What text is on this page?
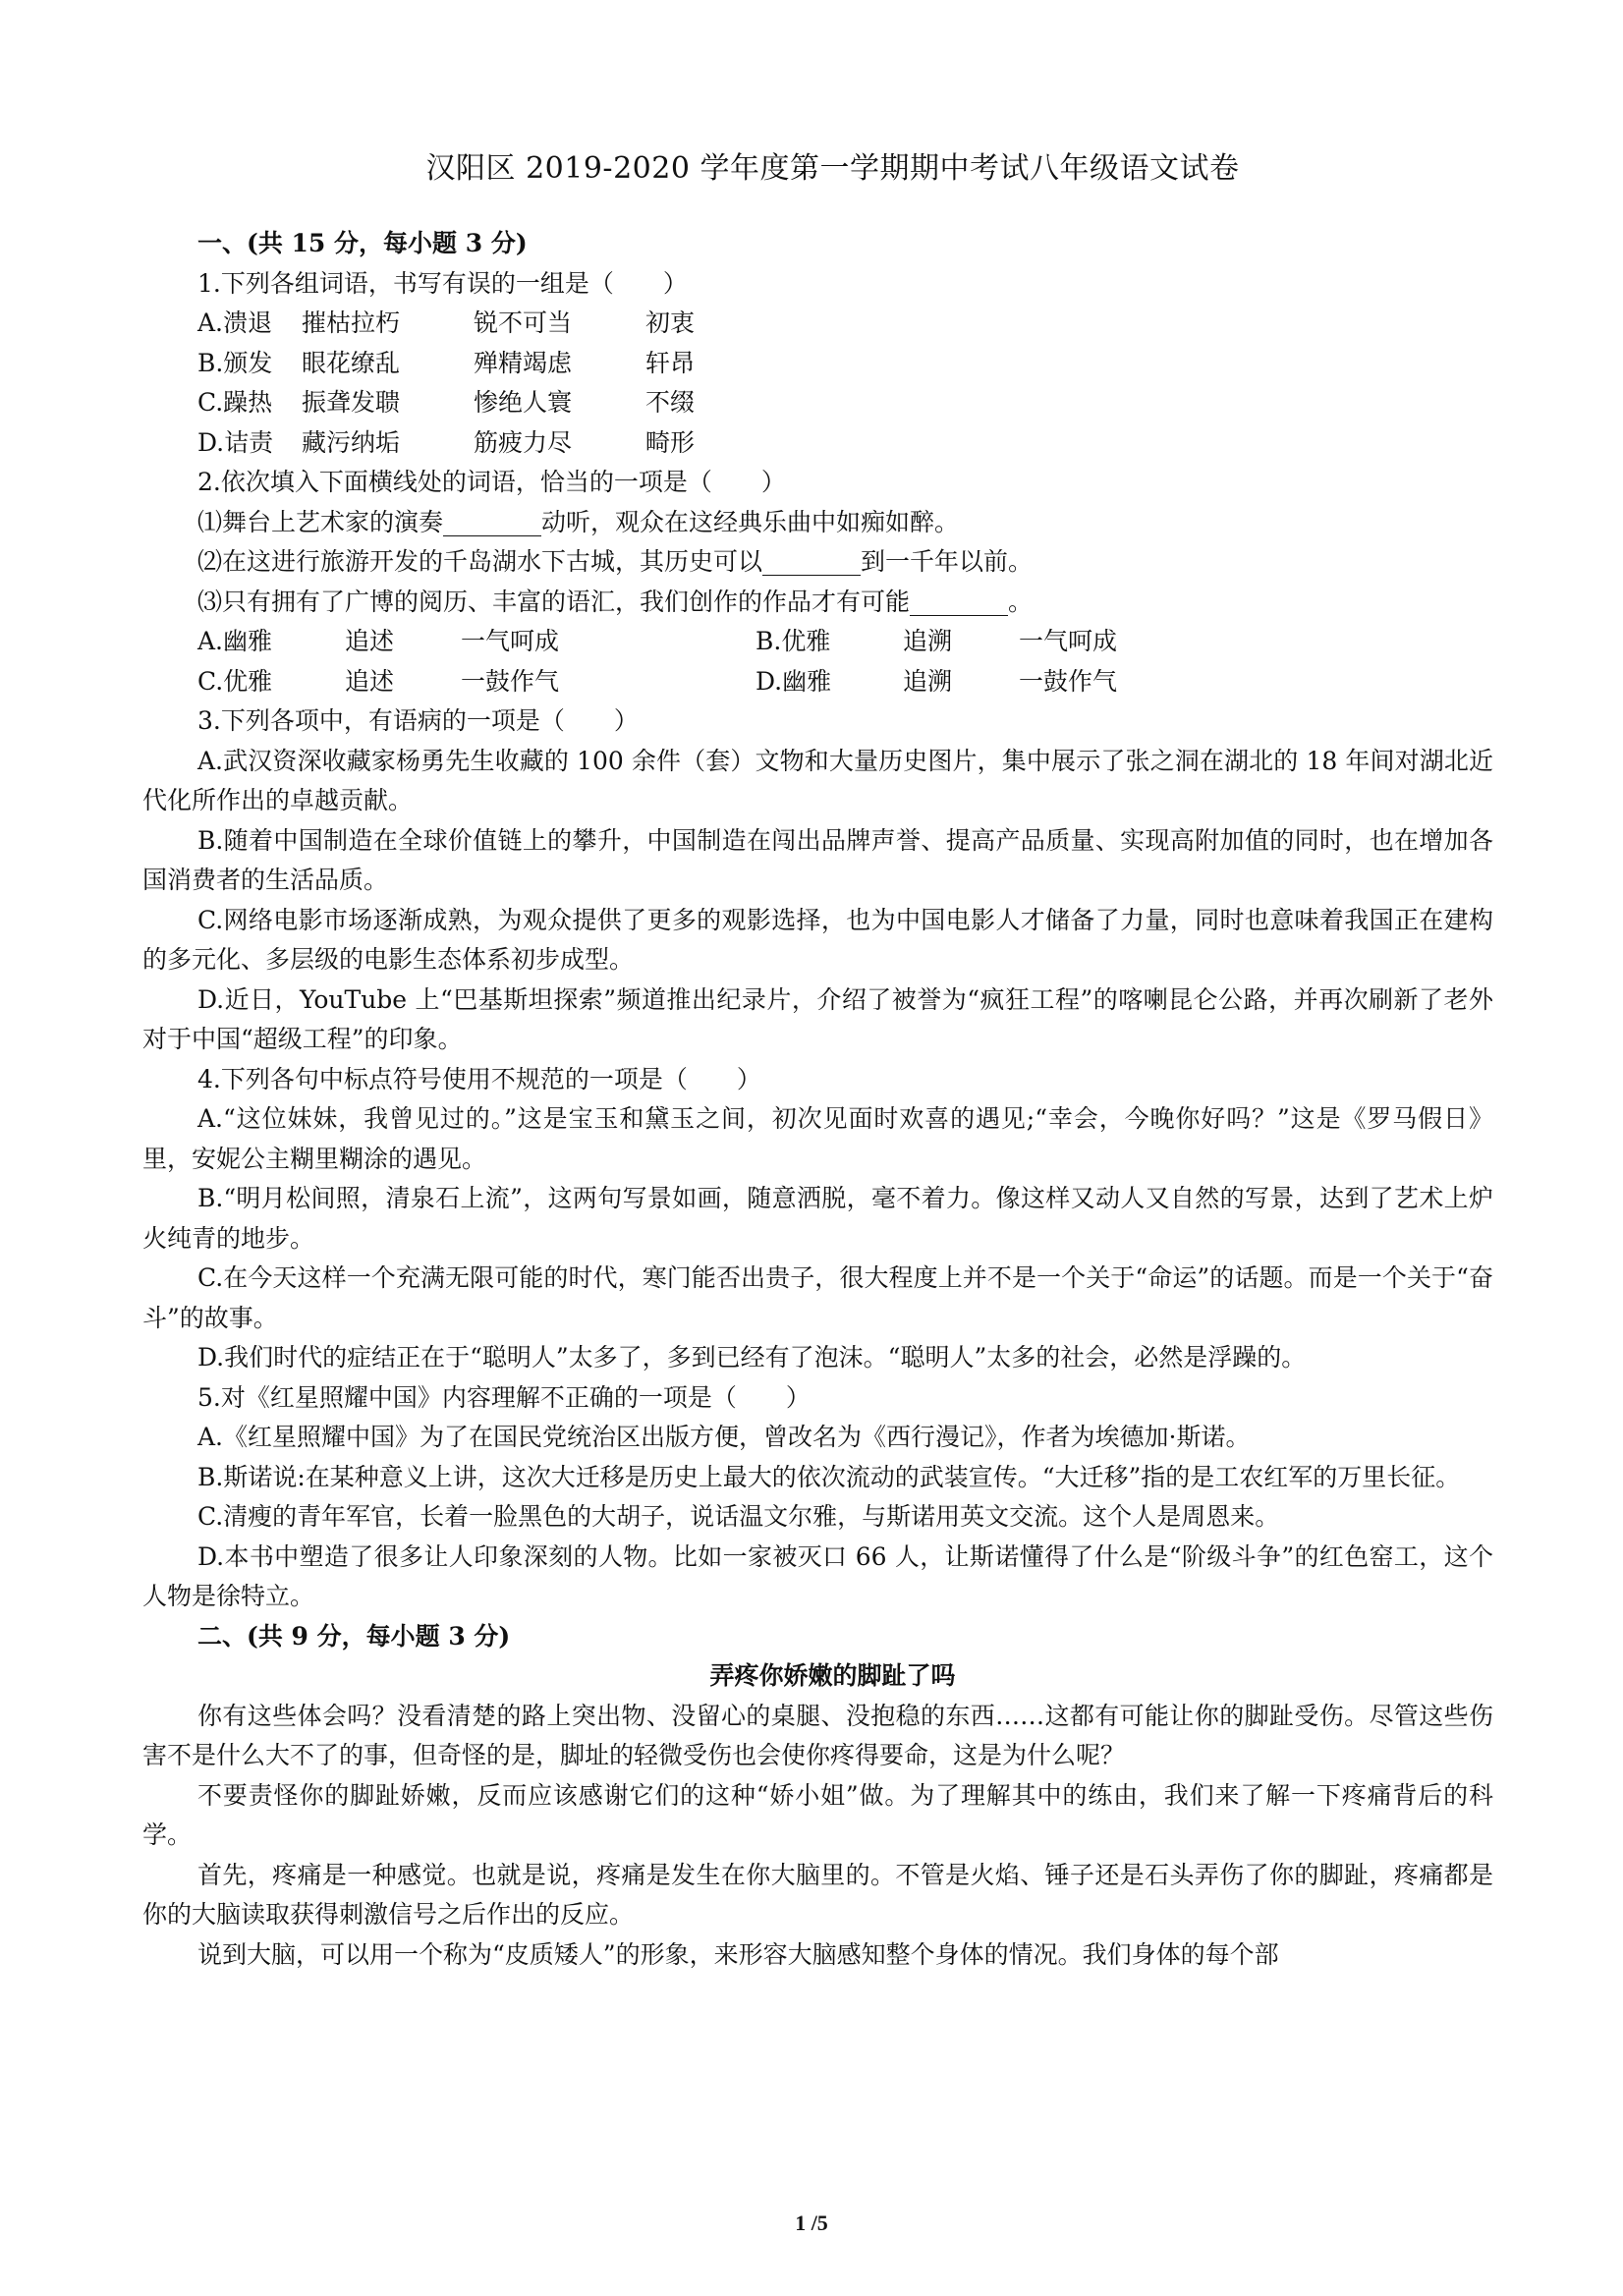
汉阳区 2019-2020 学年度第一学期期中考试八年级语文试卷
一、(共 15 分，每小题 3 分)
1.下列各组词语，书写有误的一组是（　　）
A.溃退	摧枯拉朽	锐不可当	初衷
B.颁发	眼花缭乱	殚精竭虑	轩昂
C.躁热	振聋发聩	惨绝人寰	不缀
D.诘责	藏污纳垢	筋疲力尽	畸形
2.依次填入下面横线处的词语，恰当的一项是（　　）
⑴舞台上艺术家的演奏________动听，观众在这经典乐曲中如痴如醉。
⑵在这进行旅游开发的千岛湖水下古城，其历史可以________到一千年以前。
⑶只有拥有了广博的阅历、丰富的语汇，我们创作的作品才有可能________。
A.幽雅	追述	一气呵成	B.优雅	追溯	一气呵成
C.优雅	追述	一鼓作气	D.幽雅	追溯	一鼓作气
3.下列各项中，有语病的一项是（　　）
A.武汉资深收藏家杨勇先生收藏的 100 余件（套）文物和大量历史图片，集中展示了张之洞在湖北的 18 年间对湖北近代化所作出的卓越贡献。
B.随着中国制造在全球价值链上的攀升，中国制造在闯出品牌声誉、提高产品质量、实现高附加值的同时，也在增加各国消费者的生活品质。
C.网络电影市场逐渐成熟，为观众提供了更多的观影选择，也为中国电影人才储备了力量，同时也意味着我国正在建构的多元化、多层级的电影生态体系初步成型。
D.近日，YouTube 上“巴基斯坦探索”频道推出纪录片，介绍了被誉为“疯狂工程”的喀喇昆仑公路，并再次刷新了老外对于中国“超级工程”的印象。
4.下列各句中标点符号使用不规范的一项是（　　）
A.“这位妹妹，我曾见过的。”这是宝玉和黛玉之间，初次见面时欢喜的遇见;“幸会，今晚你好吗？”这是《罗马假日》里，安妮公主糊里糊涂的遇见。
B.“明月松间照，清泉石上流”，这两句写景如画，随意洒脱，毫不着力。像这样又动人又自然的写景，达到了艺术上炉火纯青的地步。
C.在今天这样一个充满无限可能的时代，寒门能否出贵子，很大程度上并不是一个关于“命运”的话题。而是一个关于“奋斗”的故事。
D.我们时代的症结正在于“聪明人”太多了，多到已经有了泡沫。“聪明人”太多的社会，必然是浮躁的。
5.对《红星照耀中国》内容理解不正确的一项是（　　）
A.《红星照耀中国》为了在国民党统治区出版方便，曾改名为《西行漫记》，作者为埃德加·斯诺。
B.斯诺说:在某种意义上讲，这次大迁移是历史上最大的依次流动的武装宣传。“大迁移”指的是工农红军的万里长征。
C.清瘦的青年军官，长着一脸黑色的大胡子，说话温文尔雅，与斯诺用英文交流。这个人是周恩来。
D.本书中塑造了很多让人印象深刻的人物。比如一家被灭口 66 人，让斯诺懂得了什么是“阶级斗争”的红色窑工，这个人物是徐特立。
二、(共 9 分，每小题 3 分)
弄疼你娇嫩的脚趾了吗
你有这些体会吗？没看清楚的路上突出物、没留心的桌腿、没抱稳的东西……这都有可能让你的脚趾受伤。尽管这些伤害不是什么大不了的事，但奇怪的是，脚址的轻微受伤也会使你疼得要命，这是为什么呢？
不要责怪你的脚趾娇嫩，反而应该感谢它们的这种“娇小姐”做。为了理解其中的练由，我们来了解一下疼痛背后的科学。
首先，疼痛是一种感觉。也就是说，疼痛是发生在你大脑里的。不管是火焰、锤子还是石头弄伤了你的脚趾，疼痛都是你的大脑读取获得刺激信号之后作出的反应。
说到大脑，可以用一个称为“皮质矮人”的形象，来形容大脑感知整个身体的情况。我们身体的每个部
1 /5
